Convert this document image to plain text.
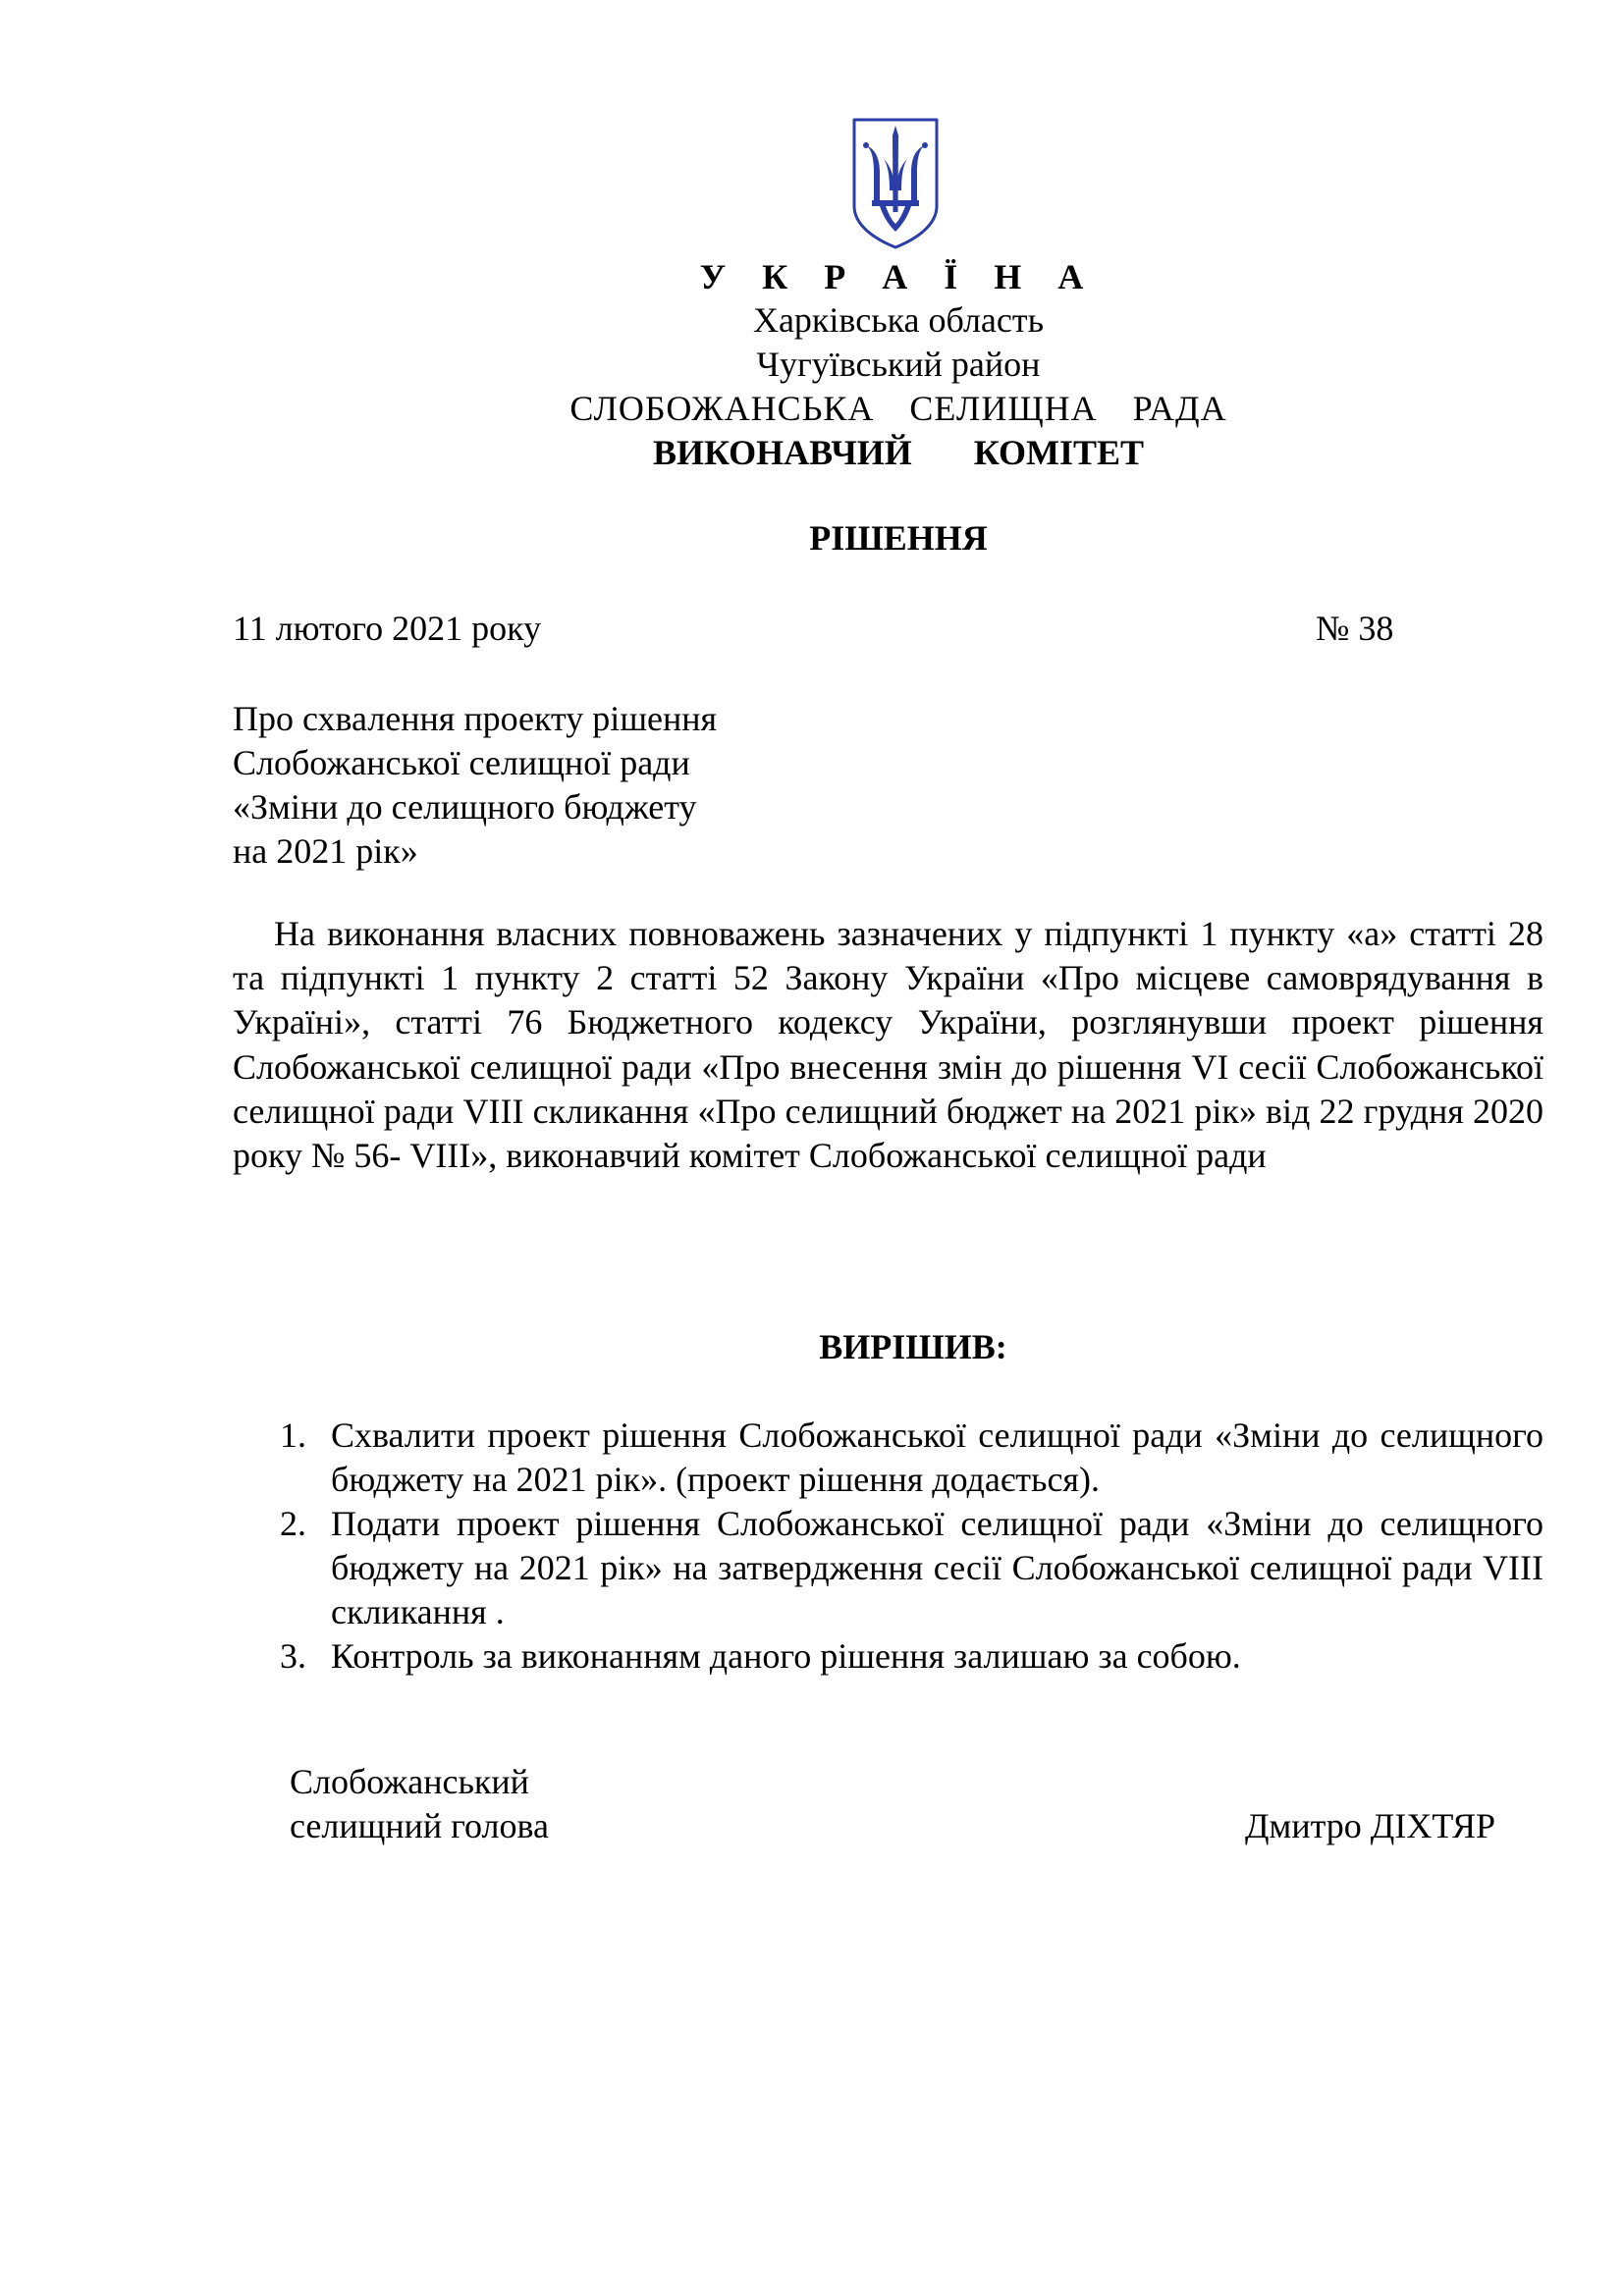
У К Р А Ї Н А
Харківська область
Чугуївський район
СЛОБОЖАНСЬКА  СЕЛИЩНА  РАДА
ВИКОНАВЧИЙ   КОМІТЕТ
РІШЕННЯ
11 лютого 2021 року	№ 38
Про схвалення проекту рішення
Слобожанської селищної ради
«Зміни до селищного бюджету
на 2021 рік»
На виконання власних повноважень зазначених у підпункті 1 пункту «а» статті 28 та підпункті 1 пункту 2 статті 52 Закону України «Про місцеве самоврядування в Україні», статті 76 Бюджетного кодексу України, розглянувши проект рішення Слобожанської селищної ради «Про внесення змін до рішення VI сесії Слобожанської селищної ради VIII скликання «Про селищний бюджет на 2021 рік» від 22 грудня 2020 року № 56- VIII», виконавчий комітет Слобожанської селищної ради
ВИРІШИВ:
1. Схвалити проект рішення Слобожанської селищної ради «Зміни до селищного бюджету на 2021 рік». (проект рішення додається).
2. Подати проект рішення Слобожанської селищної ради «Зміни до селищного бюджету на 2021 рік» на затвердження сесії Слобожанської селищної ради VIII скликання .
3. Контроль за виконанням даного рішення залишаю за собою.
Слобожанський
селищний голова	Дмитро ДІХТЯР
